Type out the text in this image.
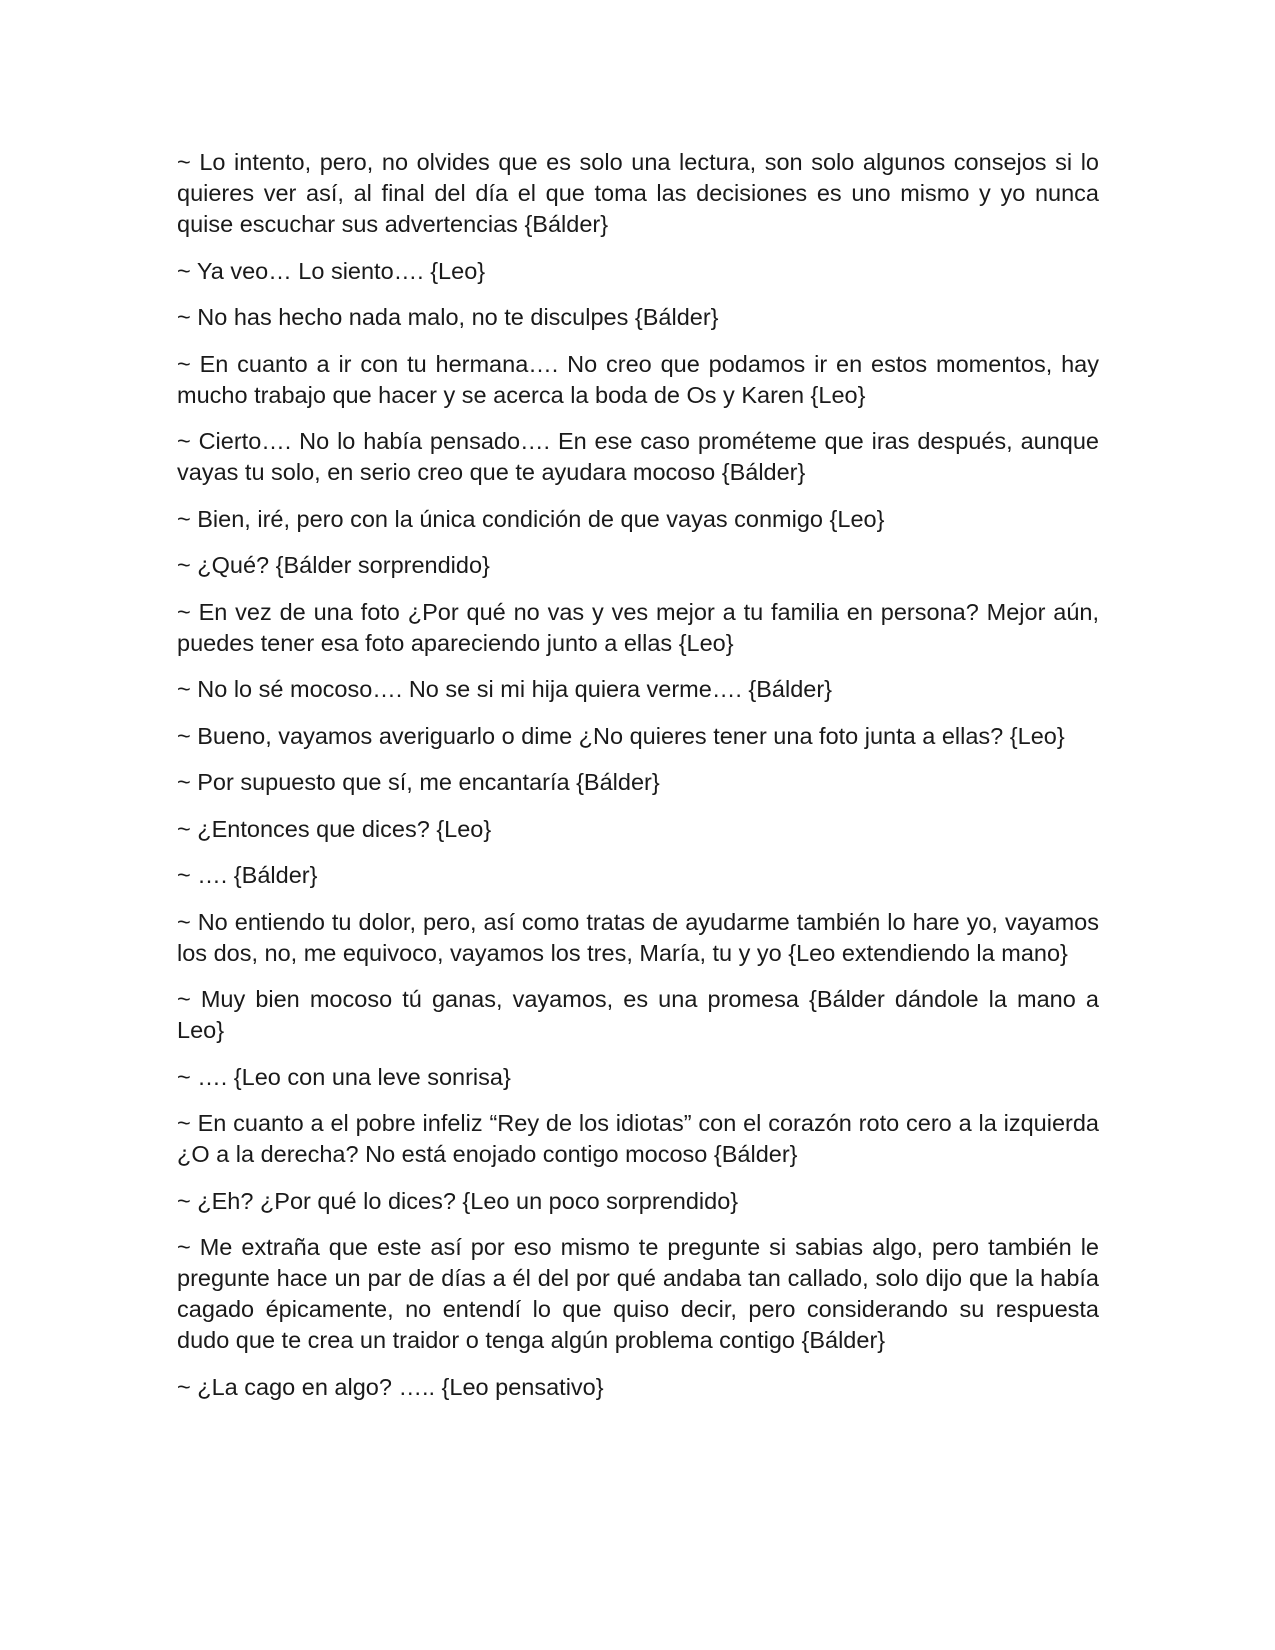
~ Lo intento, pero, no olvides que es solo una lectura, son solo algunos consejos si lo quieres ver así, al final del día el que toma las decisiones es uno mismo y yo nunca quise escuchar sus advertencias {Bálder}

~ Ya veo… Lo siento…. {Leo}

~ No has hecho nada malo, no te disculpes {Bálder}

~ En cuanto a ir con tu hermana…. No creo que podamos ir en estos momentos, hay mucho trabajo que hacer y se acerca la boda de Os y Karen {Leo}

~ Cierto…. No lo había pensado…. En ese caso prométeme que iras después, aunque vayas tu solo, en serio creo que te ayudara mocoso {Bálder}

~ Bien, iré, pero con la única condición de que vayas conmigo {Leo}

~ ¿Qué? {Bálder sorprendido}

~ En vez de una foto ¿Por qué no vas y ves mejor a tu familia en persona? Mejor aún, puedes tener esa foto apareciendo junto a ellas {Leo}

~ No lo sé mocoso…. No se si mi hija quiera verme…. {Bálder}

~ Bueno, vayamos averiguarlo o dime ¿No quieres tener una foto junta a ellas? {Leo}

~ Por supuesto que sí, me encantaría {Bálder}

~ ¿Entonces que dices? {Leo}

~ …. {Bálder}

~ No entiendo tu dolor, pero, así como tratas de ayudarme también lo hare yo, vayamos los dos, no, me equivoco, vayamos los tres, María, tu y yo {Leo extendiendo la mano}

~ Muy bien mocoso tú ganas, vayamos, es una promesa {Bálder dándole la mano a Leo}

~ …. {Leo con una leve sonrisa}

~ En cuanto a el pobre infeliz “Rey de los idiotas” con el corazón roto cero a la izquierda ¿O a la derecha? No está enojado contigo mocoso {Bálder}

~ ¿Eh? ¿Por qué lo dices? {Leo un poco sorprendido}

~ Me extraña que este así por eso mismo te pregunte si sabias algo, pero también le pregunte hace un par de días a él del por qué andaba tan callado, solo dijo que la había cagado épicamente, no entendí lo que quiso decir, pero considerando su respuesta dudo que te crea un traidor o tenga algún problema contigo {Bálder}

~ ¿La cago en algo? ….. {Leo pensativo}
